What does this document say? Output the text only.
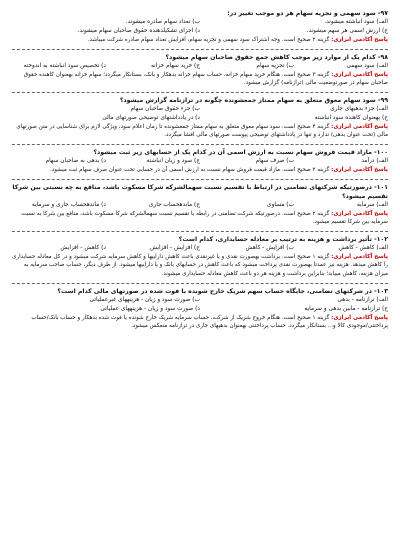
۹۷- سود سهمی و تجزیه سهام هر دو موجب تغییر در:
الف) سود انباشته میشوند.
ب) تعداد سهام صادره میشوند.
ج) ارزش اسمی هر سهم میشوند.
د) اجزای تشکیلدهنده حقوق صاحبان سهام میشوند.
پاسخ آکادمی ابرازی: گزینه ۲ صحیح است. وجه اشتراک سود سهمی و تجزیه سهام، افزایش تعداد سهام صادره شرکت میباشد.
۹۸- کدام یک از موارد زیر موجب کاهش جمع حقوق صاحبان سهام میشود؟
الف) سود سهمی
ب) تجزیه سهام
ج) خرید سهام خزانه
د) تخصیص سود انباشته به اندوخته
پاسخ آکادمی ابرازی: گزینه ۳ صحیح است. هنگام خرید سهام خزانه، حساب سهام خزانه بدهکار و بانک، بستانکار میگردد؛ سهام خزانه بهعنوان کاهنده حقوق صاحبان سهام در صورتوضعیت مالی (ترازنامه) گزارش میشود.
۹۹- سود سهام معوق متعلق به سهام ممتاز جمعشونده چگونه در ترازنامه گزارش میشود؟
الف) جزء بدهیهای جاری
ب) جزء حقوق صاحبان سهام
ج) بهعنوان کاهنده سود انباشته
د) در یادداشتهای توضیحی صورتهای مالی
پاسخ آکادمی ابرازی: گزینه ۴ صحیح است. سود سهام معوق متعلق به سهام ممتاز جمعشونده تا زمان اعلام سود، ویژگی لازم برای شناسایی در متن صورتهای مالی (تحت عنوان بدهی) ندارد و تنها در یادداشتهای توضیحی پیوست صورتهای مالی افشا میگردد.
۱۰۰- مازاد قیمت فروش سهام نسبت به ارزش اسمی آن در کدام یک از حسابهای زیر ثبت میشود؟
الف) درآمد
ب) صرف سهام
ج) سود و زیان انباشته
د) بدهی به صاحبان سهام
پاسخ آکادمی ابرازی: گزینه ۲ صحیح است. مازاد قیمت فروش سهام نسبت به ارزش اسمی آن در حسابی تحت عنوان صرف سهام ثبت میشود.
۱۰۱- درصورتیکه شرکتهای تضامنی در ارتباط با تقسیم نسبت سهمالشرکه شرکا مسکوت باشد، منافع به چه نسبتی بین شرکا تقسیم میشود؟
الف) سرمایه
ب) مساوی
ج) ماندهحساب جاری
د) ماندهحساب جاری و سرمایه
پاسخ آکادمی ابرازی: گزینه ۲ صحیح است. درصورتیکه شرکت تضامنی در رابطه با تقسیم نسبت سهمالشرکه شرکا مسکوت باشد، منافع بین شرکا به نسبت سرمایه بین شرکا تقسیم میشود.
۱۰۲- تأثیر برداشت و هزینه به ترتیب بر معادله حسابداری، کدام است؟
الف) کاهش - کاهش
ب) افزایش - کاهش
ج) افزایش - افزایش
د) کاهش - افزایش
پاسخ آکادمی ابرازی: گزینه ۱ صحیح است. برداشت بهصورت نقدی و یا غیرنقدی باعث کاهش داراییها و کاهش سرمایه شرکت میشود و در کل معادله حسابداری را کاهش میدهد. هزینه نیز عمدتا بهصورت نقدی پرداخت میشود که باعث کاهش در حسابهای بانک و یا داراییها میشود. از طرف دیگر، حساب صاحب سرمایه به میزان هزینه، کاهش مییابد؛ بنابراین برداشت و هزینه هر دو باعث کاهش معادله حسابداری میشوند.
۱۰۳- در شرکتهای تضامنی، جایگاه حساب سهم شریک خارج شونده با فوت شده در صورتهای مالی کدام است؟
الف) ترازنامه - بدهی
ب) صورت سود و زیان - هزینههای غیرعملیاتی
ج) ترازنامه - مابین بدهی و سرمایه
د) صورت سود و زیان - هزینههای عملیاتی
پاسخ آکادمی ابرازی: گزینه ۱ صحیح است. هنگام خروج شریک از شرکت، حساب سرمایه شریک خارج شونده یا فوت شده بدهکار و حساب بانک/حساب پرداختنی/موجودی کالا و... بستانکار میگردد. حساب پرداختنی بهعنوان بدهیهای جاری در ترازنامه منعکس میشود.
